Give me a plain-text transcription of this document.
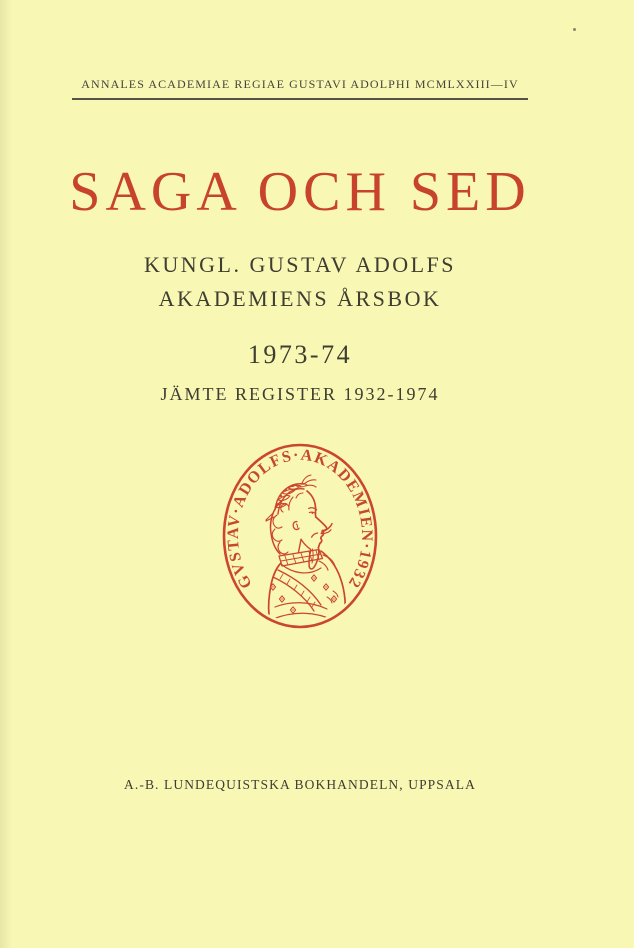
ANNALES ACADEMIAE REGIAE GUSTAVI ADOLPHI MCMLXXIII—IV
SAGA OCH SED
KUNGL. GUSTAV ADOLFS
AKADEMIENS ÅRSBOK
1973-74
JÄMTE REGISTER 1932-1974
GVSTAV·ADOLFS·AKADEMIEN·1932
A.-B. LUNDEQUISTSKA BOKHANDELN, UPPSALA
